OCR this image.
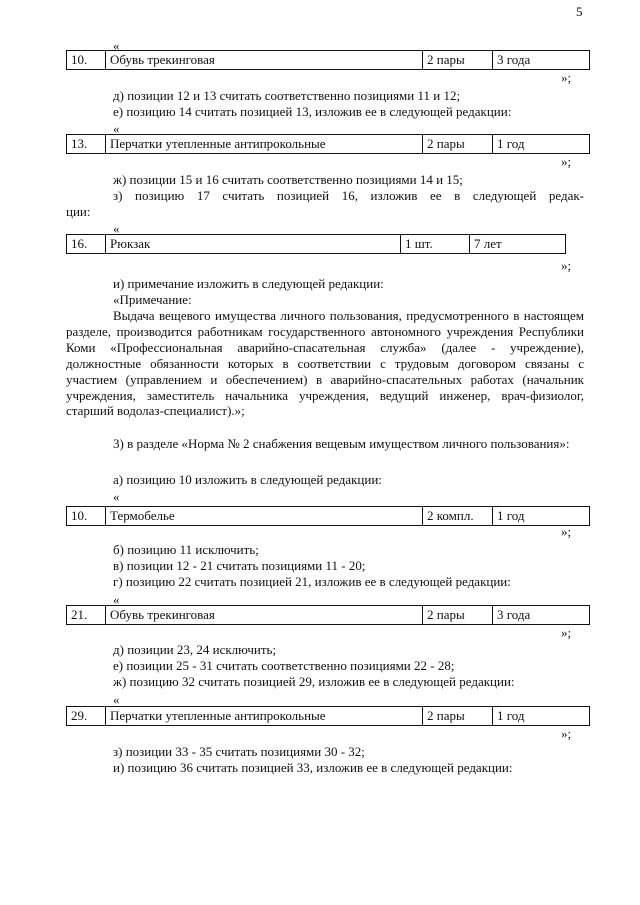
5
«
10.	Обувь трекинговая	2 пары	3 года
»;
д) позиции 12 и 13 считать соответственно позициями 11 и 12;
е) позицию 14 считать позицией 13, изложив ее в следующей редакции:
«
13.	Перчатки утепленные антипрокольные	2 пары	1 год
»;
ж) позиции 15 и 16 считать соответственно позициями 14 и 15;
з) позицию 17 считать позицией 16, изложив ее в следующей редак-
ции:
«
16.	Рюкзак	1 шт.	7 лет
»;
и) примечание изложить в следующей редакции:
«Примечание:

Выдача вещевого имущества личного пользования, предусмотренного в настоящем разделе, производится работникам государственного автономного учреждения Республики Коми «Профессиональная аварийно-спасательная служба» (далее - учреждение), должностные обязанности которых в соответствии с трудовым договором связаны с участием (управлением и обеспечением) в аварийно-спасательных работах (начальник учреждения, заместитель начальника учреждения, ведущий инженер, врач-физиолог, старший водолаз-специалист).»;

3) в разделе «Норма № 2 снабжения вещевым имуществом личного пользования»:

а) позицию 10 изложить в следующей редакции:
«
10.	Термобелье	2 компл.	1 год
»;
б) позицию 11 исключить;
в) позиции 12 - 21 считать позициями 11 - 20;
г) позицию 22 считать позицией 21, изложив ее в следующей редакции:
«
21.	Обувь трекинговая	2 пары	3 года
»;
д) позиции 23, 24 исключить;
е) позиции 25 - 31 считать соответственно позициями 22 - 28;
ж) позицию 32 считать позицией 29, изложив ее в следующей редакции:
«
29.	Перчатки утепленные антипрокольные	2 пары	1 год
»;
з) позиции 33 - 35 считать позициями 30 - 32;
и) позицию 36 считать позицией 33, изложив ее в следующей редакции:
